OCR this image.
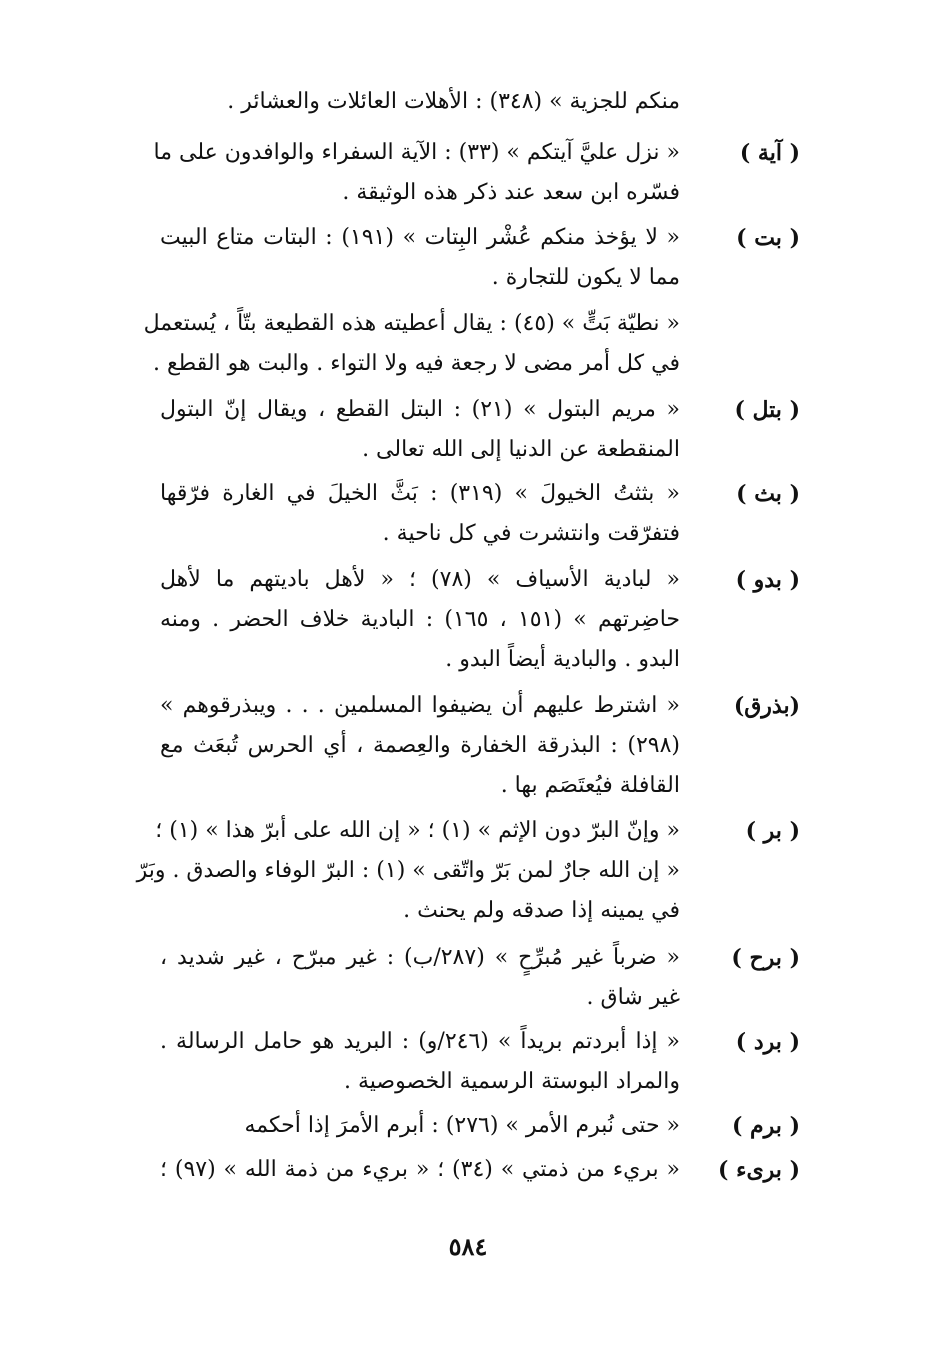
منكم للجزية » (٣٤٨) : الأهلات العائلات والعشائر .
( آية )
« نزل عليَّ آيتكم » (٣٣) : الآية السفراء والوافدون على ما
فسّره ابن سعد عند ذكر هذه الوثيقة .
( بت )
« لا يؤخذ منكم عُشْر البِتات » (١٩١) : البتات متاع البيت
مما لا يكون للتجارة .
« نطيّة بَتٍّ » (٤٥) : يقال أعطيته هذه القطيعة بتّاً ، يُستعمل
في كل أمر مضى لا رجعة فيه ولا التواء . والبت هو القطع .
( بتل )
« مريم البتول » (٢١) : البتل القطع ، ويقال إنّ البتول
المنقطعة عن الدنيا إلى الله تعالى .
( بث )
« بثثتُ الخيولَ » (٣١٩) : بَثَّ الخيلَ في الغارة فرّقها
فتفرّقت وانتشرت في كل ناحية .
( بدو )
« لبادية الأسياف » (٧٨) ؛ « لأهل باديتهم ما لأهل
حاضِرتهم » (١٥١ ، ١٦٥) : البادية خلاف الحضر . ومنه
البدو . والبادية أيضاً البدو .
(بذرق)
« اشترط عليهم أن يضيفوا المسلمين . . . ويبذرقوهم »
(٢٩٨) : البذرقة الخفارة والعِصمة ، أي الحرس تُبعَث مع
القافلة فيُعتَصَم بها .
( بر )
« وإنّ البرّ دون الإثم » (١) ؛ « إن الله على أبرّ هذا » (١) ؛
« إن الله جارٌ لمن بَرّ واتّقى » (١) : البرّ الوفاء والصدق . وبَرّ
في يمينه إذا صدقه ولم يحنث .
( برح )
« ضرباً غير مُبرِّحٍ » (٢٨٧/ب) : غير مبرّح ، غير شديد ،
غير شاق .
( برد )
« إذا أبردتم بريداً » (٢٤٦/و) : البريد هو حامل الرسالة .
والمراد البوستة الرسمية الخصوصية .
( برم )
« حتى نُبرم الأمر » (٢٧٦) : أبرم الأمرَ إذا أحكمه
( برىء )
« بريء من ذمتي » (٣٤) ؛ « بريء من ذمة الله » (٩٧) ؛
٥٨٤
